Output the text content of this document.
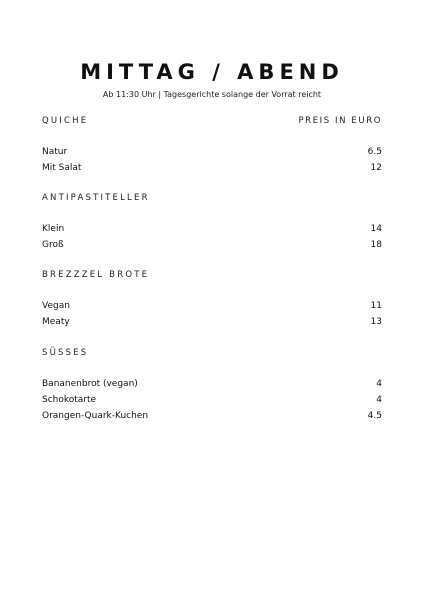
MITTAG / ABEND
Ab 11:30 Uhr | Tagesgerichte solange der Vorrat reicht
QUICHE	PREIS IN EURO
Natur	6.5
Mit Salat	12
ANTIPASTITELLER
Klein	14
Groß	18
BREZZZEL BROTE
Vegan	11
Meaty	13
SÜSSES
Bananenbrot (vegan)	4
Schokotarte	4
Orangen-Quark-Kuchen	4.5
